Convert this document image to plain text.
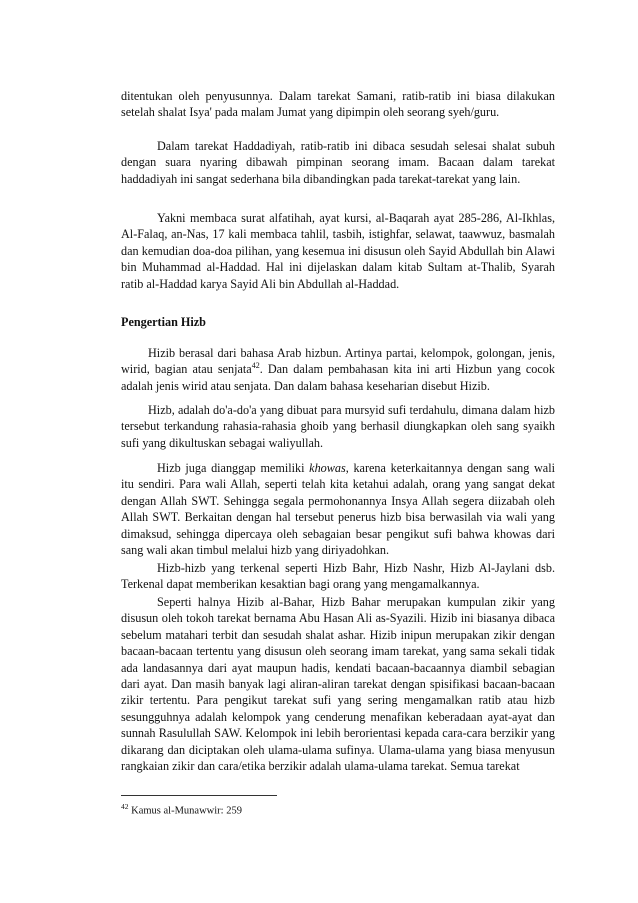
ditentukan oleh penyusunnya. Dalam tarekat Samani, ratib-ratib ini biasa dilakukan setelah shalat Isya' pada malam Jumat yang dipimpin oleh seorang syeh/guru.

Dalam tarekat Haddadiyah, ratib-ratib ini dibaca sesudah selesai shalat subuh dengan suara nyaring dibawah pimpinan seorang imam. Bacaan dalam tarekat haddadiyah ini sangat sederhana bila dibandingkan pada tarekat-tarekat yang lain.

Yakni membaca surat alfatihah, ayat kursi, al-Baqarah ayat 285-286, Al-Ikhlas, Al-Falaq, an-Nas, 17 kali membaca tahlil, tasbih, istighfar, selawat, taawwuz, basmalah dan kemudian doa-doa pilihan, yang kesemua ini disusun oleh Sayid Abdullah bin Alawi bin Muhammad al-Haddad. Hal ini dijelaskan dalam kitab Sultam at-Thalib, Syarah ratib al-Haddad karya Sayid Ali bin Abdullah al-Haddad.

Pengertian Hizb

Hizib berasal dari bahasa Arab hizbun. Artinya partai, kelompok, golongan, jenis, wirid, bagian atau senjata$^{42}$. Dan dalam pembahasan kita ini arti Hizbun yang cocok adalah jenis wirid atau senjata. Dan dalam bahasa keseharian disebut Hizib.

Hizb, adalah do'a-do'a yang dibuat para mursyid sufi terdahulu, dimana dalam hizb tersebut terkandung rahasia-rahasia ghoib yang berhasil diungkapkan oleh sang syaikh sufi yang dikultuskan sebagai waliyullah.

Hizb juga dianggap memiliki khowas, karena keterkaitannya dengan sang wali itu sendiri. Para wali Allah, seperti telah kita ketahui adalah, orang yang sangat dekat dengan Allah SWT. Sehingga segala permohonannya Insya Allah segera diizabah oleh Allah SWT. Berkaitan dengan hal tersebut penerus hizb bisa berwasilah via wali yang dimaksud, sehingga dipercaya oleh sebagaian besar pengikut sufi bahwa khowas dari sang wali akan timbul melalui hizb yang diriyadohkan.

Hizb-hizb yang terkenal seperti Hizb Bahr, Hizb Nashr, Hizb Al-Jaylani dsb. Terkenal dapat memberikan kesaktian bagi orang yang mengamalkannya.

Seperti halnya Hizib al-Bahar, Hizb Bahar merupakan kumpulan zikir yang disusun oleh tokoh tarekat bernama Abu Hasan Ali as-Syazili. Hizib ini biasanya dibaca sebelum matahari terbit dan sesudah shalat ashar. Hizib inipun merupakan zikir dengan bacaan-bacaan tertentu yang disusun oleh seorang imam tarekat, yang sama sekali tidak ada landasannya dari ayat maupun hadis, kendati bacaan-bacaannya diambil sebagian dari ayat. Dan masih banyak lagi aliran-aliran tarekat dengan spisifikasi bacaan-bacaan zikir tertentu. Para pengikut tarekat sufi yang sering mengamalkan ratib atau hizb sesungguhnya adalah kelompok yang cenderung menafikan keberadaan ayat-ayat dan sunnah Rasulullah SAW. Kelompok ini lebih berorientasi kepada cara-cara berzikir yang dikarang dan diciptakan oleh ulama-ulama sufinya. Ulama-ulama yang biasa menyusun rangkaian zikir dan cara/etika berzikir adalah ulama-ulama tarekat. Semua tarekat

$^{42}$ Kamus al-Munawwir: 259
